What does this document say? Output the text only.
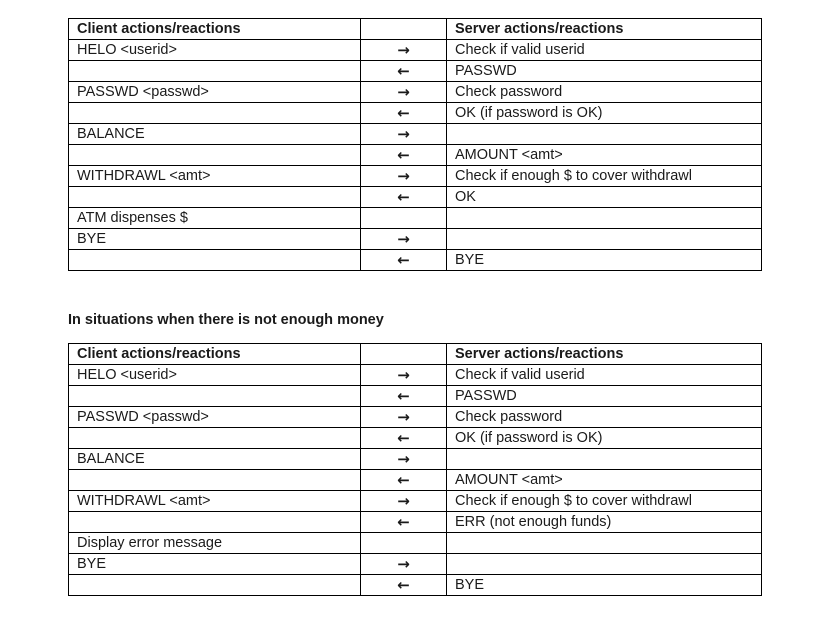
Client actions/reactions		Server actions/reactions
HELO <userid>	→	Check if valid userid
	←	PASSWD
PASSWD <passwd>	→	Check password
	←	OK (if password is OK)
BALANCE	→	
	←	AMOUNT <amt>
WITHDRAWL <amt>	→	Check if enough $ to cover withdrawl
	←	OK
ATM dispenses $		
BYE	→	
	←	BYE
In situations when there is not enough money
Client actions/reactions		Server actions/reactions
HELO <userid>	→	Check if valid userid
	←	PASSWD
PASSWD <passwd>	→	Check password
	←	OK (if password is OK)
BALANCE	→	
	←	AMOUNT <amt>
WITHDRAWL <amt>	→	Check if enough $ to cover withdrawl
	←	ERR (not enough funds)
Display error message		
BYE	→	
	←	BYE
